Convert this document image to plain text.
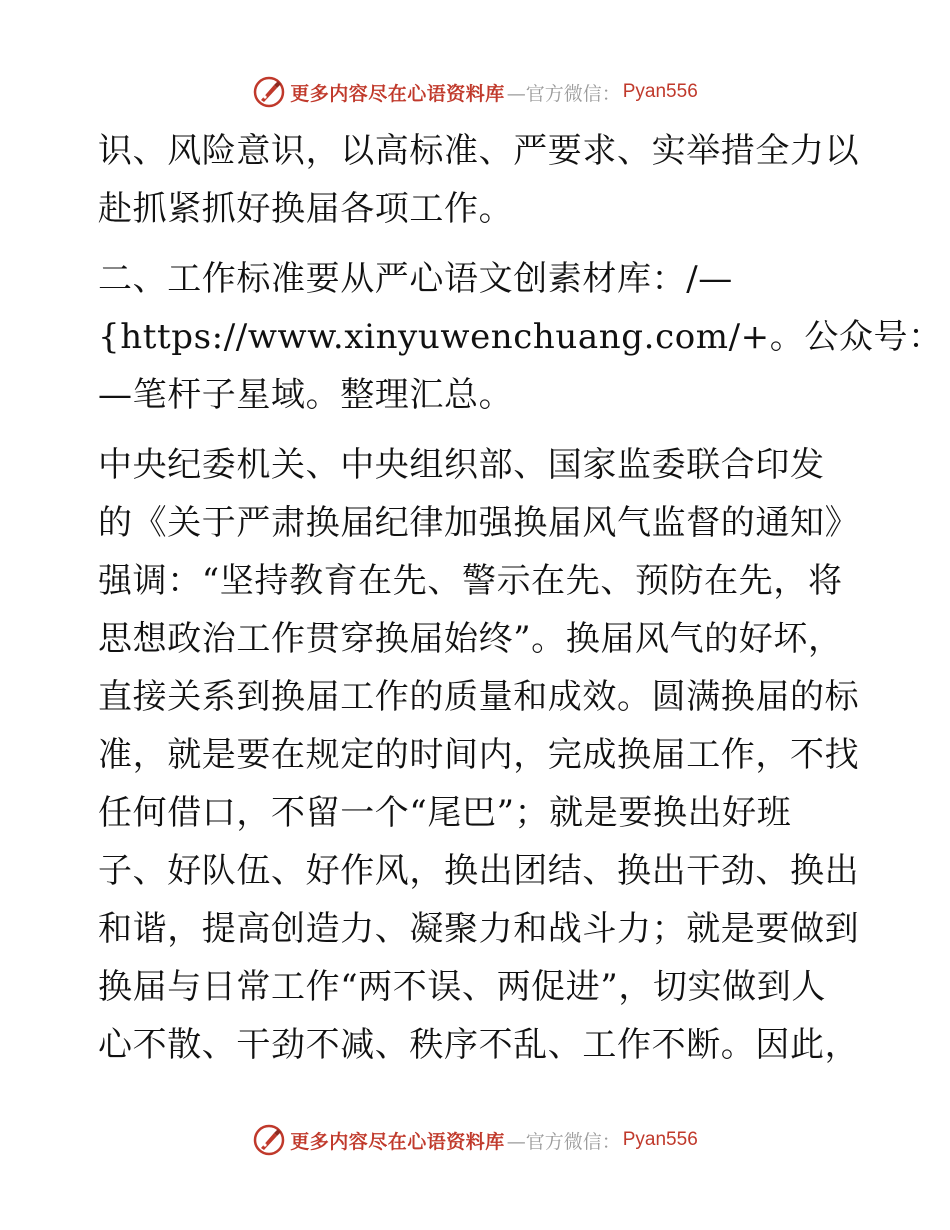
更多内容尽在心语资料库 —官方微信： Pyan556
识、风险意识，以高标准、严要求、实举措全力以
赴抓紧抓好换届各项工作。
二、工作标准要从严心语文创素材库：/—
{https://www.xinyuwenchuang.com/+。公众号：
—笔杆子星域。整理汇总。
中央纪委机关、中央组织部、国家监委联合印发
的《关于严肃换届纪律加强换届风气监督的通知》
强调：“坚持教育在先、警示在先、预防在先，将
思想政治工作贯穿换届始终”。换届风气的好坏，
直接关系到换届工作的质量和成效。圆满换届的标
准，就是要在规定的时间内，完成换届工作，不找
任何借口，不留一个“尾巴”；就是要换出好班
子、好队伍、好作风，换出团结、换出干劲、换出
和谐，提高创造力、凝聚力和战斗力；就是要做到
换届与日常工作“两不误、两促进”，切实做到人
心不散、干劲不减、秩序不乱、工作不断。因此，
更多内容尽在心语资料库 —官方微信： Pyan556
